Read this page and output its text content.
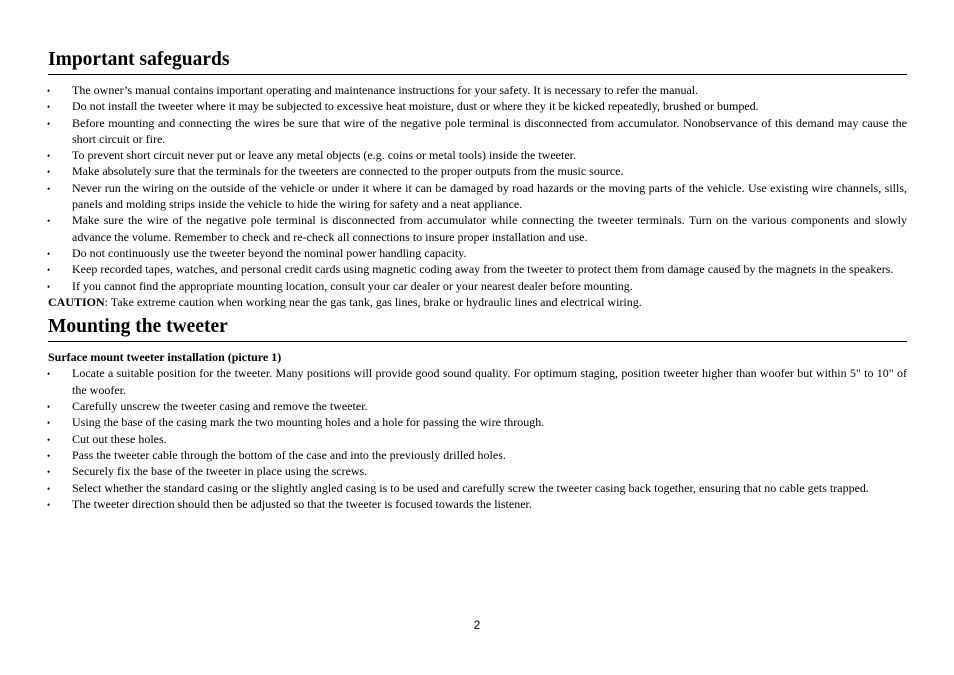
Important safeguards
• The owner’s manual contains important operating and maintenance instructions for your safety. It is necessary to refer the manual.
• Do not install the tweeter where it may be subjected to excessive heat moisture, dust or where they it be kicked repeatedly, brushed or bumped.
• Before mounting and connecting the wires be sure that wire of the negative pole terminal is disconnected from accumulator. Nonobservance of this demand may cause the short circuit or fire.
• To prevent short circuit never put or leave any metal objects (e.g. coins or metal tools) inside the tweeter.
• Make absolutely sure that the terminals for the tweeters are connected to the proper outputs from the music source.
• Never run the wiring on the outside of the vehicle or under it where it can be damaged by road hazards or the moving parts of the vehicle. Use existing wire channels, sills, panels and molding strips inside the vehicle to hide the wiring for safety and a neat appliance.
• Make sure the wire of the negative pole terminal is disconnected from accumulator while connecting the tweeter terminals. Turn on the various components and slowly advance the volume. Remember to check and re-check all connections to insure proper installation and use.
• Do not continuously use the tweeter beyond the nominal power handling capacity.
• Keep recorded tapes, watches, and personal credit cards using magnetic coding away from the tweeter to protect them from damage caused by the magnets in the speakers.
• If you cannot find the appropriate mounting location, consult your car dealer or your nearest dealer before mounting.

CAUTION: Take extreme caution when working near the gas tank, gas lines, brake or hydraulic lines and electrical wiring.

Mounting the tweeter
Surface mount tweeter installation (picture 1)
• Locate a suitable position for the tweeter. Many positions will provide good sound quality. For optimum staging, position tweeter higher than woofer but within 5" to 10" of the woofer.
• Carefully unscrew the tweeter casing and remove the tweeter.
• Using the base of the casing mark the two mounting holes and a hole for passing the wire through.
• Cut out these holes.
• Pass the tweeter cable through the bottom of the case and into the previously drilled holes.
• Securely fix the base of the tweeter in place using the screws.
• Select whether the standard casing or the slightly angled casing is to be used and carefully screw the tweeter casing back together, ensuring that no cable gets trapped.
• The tweeter direction should then be adjusted so that the tweeter is focused towards the listener.
2
